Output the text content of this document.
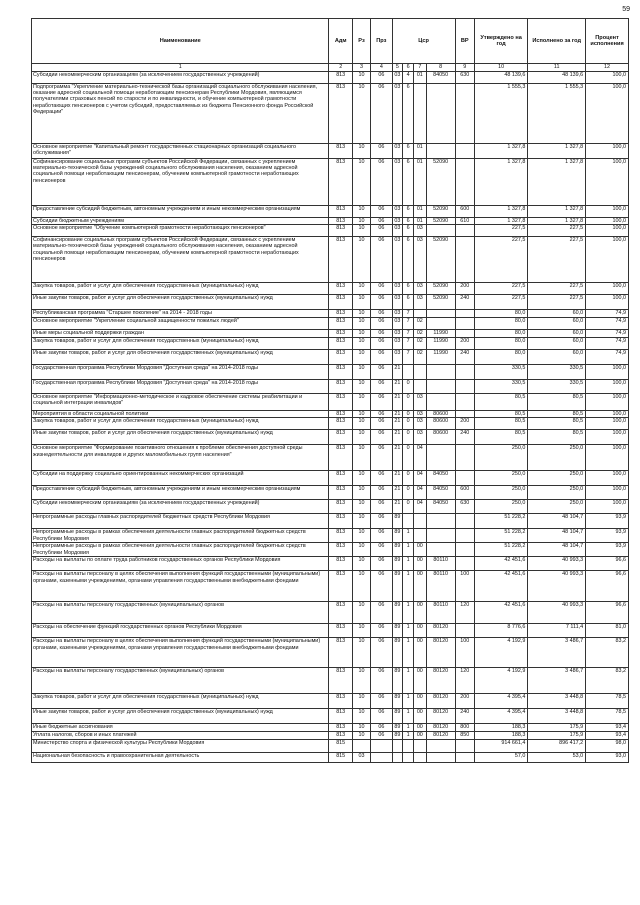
59
Наименование	Адм	Рз	Прз	Цср				ВР	Утверждено на год	Исполнено за год	Процент исполнения
1	2	3	4	5	6	7	8	9	10	11	12
Субсидии некоммерческим организациям (за исключением государственных учреждений)	813	10	06	03	4	01	84050	630	48 139,6	48 139,6	100,0
Подпрограмма "Укрепление материально-технической базы организаций социального обслуживания населения, оказание адресной социальной помощи неработающим пенсионерам Республики Мордовия, являющимся получателями страховых пенсий по старости и по инвалидности, и обучение компьютерной грамотности неработающих пенсионеров с учетом субсидий, предоставляемых из бюджета Пенсионного фонда Российской Федерации"	813	10	06	03	6				1 555,3	1 555,3	100,0
Основное мероприятие "Капитальный ремонт государственных стационарных организаций социального обслуживания"	813	10	06	03	6	01			1 327,8	1 327,8	100,0
Софинансирование социальных программ субъектов Российской Федерации, связанных с укреплением материально-технической базы учреждений социального обслуживания населения, оказанием адресной социальной помощи неработающим пенсионерам, обучением компьютерной грамотности неработающих пенсионеров	813	10	06	03	6	01	52090		1 327,8	1 327,8	100,0
Предоставление субсидий бюджетным, автономным учреждениям и иным некоммерческим организациям	813	10	06	03	6	01	52090	600	1 327,8	1 327,8	100,0
Субсидии бюджетным учреждениям	813	10	06	03	6	01	52090	610	1 327,8	1 327,8	100,0
Основное мероприятие "Обучение компьютерной грамотности неработающих пенсионеров"	813	10	06	03	6	03			227,5	227,5	100,0
Софинансирование социальных программ субъектов Российской Федерации, связанных с укреплением материально-технической базы учреждений социального обслуживания населения, оказанием адресной социальной помощи неработающим пенсионерам, обучением компьютерной грамотности неработающих пенсионеров	813	10	06	03	6	03	52090		227,5	227,5	100,0
Закупка товаров, работ и услуг для обеспечения государственных (муниципальных) нужд	813	10	06	03	6	03	52090	200	227,5	227,5	100,0
Иные закупки товаров, работ и услуг для обеспечения государственных (муниципальных) нужд	813	10	06	03	6	03	52090	240	227,5	227,5	100,0
Республиканская программа "Старшее поколение" на 2014 - 2018 годы	813	10	06	03	7				80,0	60,0	74,9
Основное мероприятие "Укрепление социальной защищенности пожилых людей"	813	10	06	03	7	02			80,0	60,0	74,9
Иные меры социальной поддержки граждан	813	10	06	03	7	02	11990		80,0	60,0	74,9
Закупка товаров, работ и услуг для обеспечения государственных (муниципальных) нужд	813	10	06	03	7	02	11990	200	80,0	60,0	74,9
Иные закупки товаров, работ и услуг для обеспечения государственных (муниципальных) нужд	813	10	06	03	7	02	11990	240	80,0	60,0	74,9
Государственная программа Республики Мордовия "Доступная среда" на 2014-2018 годы	813	10	06	21					330,5	330,5	100,0
Государственная программа Республики Мордовия "Доступная среда" на 2014-2018 годы	813	10	06	21	0				330,5	330,5	100,0
Основное мероприятие "Информационно-методическое и кадровое обеспечение системы реабилитации и социальной интеграции инвалидов"	813	10	06	21	0	03			80,5	80,5	100,0
Мероприятия в области социальной политики	813	10	06	21	0	03	80600		80,5	80,5	100,0
Закупка товаров, работ и услуг для обеспечения государственных (муниципальных) нужд	813	10	06	21	0	03	80600	200	80,5	80,5	100,0
Иные закупки товаров, работ и услуг для обеспечения государственных (муниципальных) нужд	813	10	06	21	0	03	80600	240	80,5	80,5	100,0
Основное мероприятие "Формирование позитивного отношения к проблеме обеспечения доступной среды жизнедеятельности для инвалидов и других маломобильных групп населения"	813	10	06	21	0	04			250,0	250,0	100,0
Субсидии на поддержку социально ориентированных некоммерческих организаций	813	10	06	21	0	04	84050		250,0	250,0	100,0
Предоставление субсидий бюджетным, автономным учреждениям и иным некоммерческим организациям	813	10	06	21	0	04	84050	600	250,0	250,0	100,0
Субсидии некоммерческим организациям (за исключением государственных учреждений)	813	10	06	21	0	04	84050	630	250,0	250,0	100,0
Непрограммные расходы главных распорядителей бюджетных средств Республики Мордовия	813	10	06	89					51 228,2	48 104,7	93,9
Непрограммные расходы в рамках обеспечения деятельности главных распорядителей бюджетных средств Республики Мордовия	813	10	06	89	1				51 228,2	48 104,7	93,9
Непрограммные расходы в рамках обеспечения деятельности главных распорядителей бюджетных средств Республики Мордовия	813	10	06	89	1	00			51 228,2	48 104,7	93,9
Расходы на выплаты по оплате труда работников государственных органов Республики Мордовия	813	10	06	89	1	00	80110		42 451,6	40 993,3	96,6
Расходы на выплаты персоналу в целях обеспечения выполнения функций государственными (муниципальными) органами, казенными учреждениями, органами управления государственными внебюджетными фондами	813	10	06	89	1	00	80110	100	42 451,6	40 993,3	96,6
Расходы на выплаты персоналу государственных (муниципальных) органов	813	10	06	89	1	00	80110	120	42 451,6	40 993,3	96,6
Расходы на обеспечение функций государственных органов Республики Мордовия	813	10	06	89	1	00	80120		8 776,6	7 111,4	81,0
Расходы на выплаты персоналу в целях обеспечения выполнения функций государственными (муниципальными) органами, казенными учреждениями, органами управления государственными внебюджетными фондами	813	10	06	89	1	00	80120	100	4 192,9	3 486,7	83,2
Расходы на выплаты персоналу государственных (муниципальных) органов	813	10	06	89	1	00	80120	120	4 192,9	3 486,7	83,2
Закупка товаров, работ и услуг для обеспечения государственных (муниципальных) нужд	813	10	06	89	1	00	80120	200	4 395,4	3 448,8	78,5
Иные закупки товаров, работ и услуг для обеспечения государственных (муниципальных) нужд	813	10	06	89	1	00	80120	240	4 395,4	3 448,8	78,5
Иные бюджетные ассигнования	813	10	06	89	1	00	80120	800	188,3	175,9	93,4
Уплата налогов, сборов и иных платежей	813	10	06	89	1	00	80120	850	188,3	175,9	93,4
Министерство спорта и физической культуры Республики Мордовия	815								914 661,4	896 417,2	98,0
Национальная безопасность и правоохранительная деятельность	815	03							57,0	53,0	93,0
